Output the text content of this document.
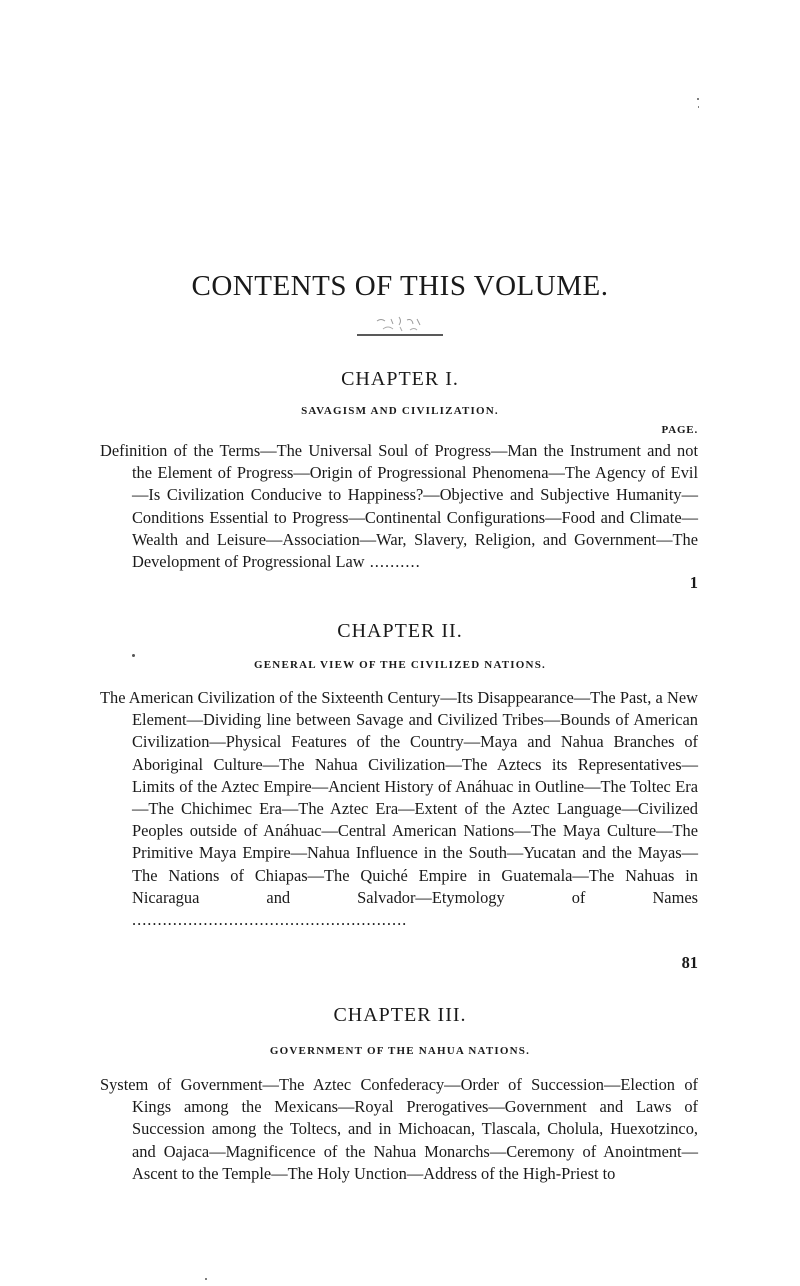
CONTENTS OF THIS VOLUME.
CHAPTER I.
SAVAGISM AND CIVILIZATION.
PAGE.

Definition of the Terms—The Universal Soul of Progress—Man the Instrument and not the Element of Progress—Origin of Progressional Phenomena—The Agency of Evil—Is Civilization Conducive to Happiness?—Objective and Subjective Humanity—Conditions Essential to Progress—Continental Configurations—Food and Climate—Wealth and Leisure—Association—War, Slavery, Religion, and Government—The Development of Progressional Law ..........

1
CHAPTER II.
GENERAL VIEW OF THE CIVILIZED NATIONS.

The American Civilization of the Sixteenth Century—Its Disappearance—The Past, a New Element—Dividing line between Savage and Civilized Tribes—Bounds of American Civilization—Physical Features of the Country—Maya and Nahua Branches of Aboriginal Culture—The Nahua Civilization—The Aztecs its Representatives—Limits of the Aztec Empire—Ancient History of Anáhuac in Outline—The Toltec Era—The Chichimec Era—The Aztec Era—Extent of the Aztec Language—Civilized Peoples outside of Anáhuac—Central American Nations—The Maya Culture—The Primitive Maya Empire—Nahua Influence in the South—Yucatan and the Mayas—The Nations of Chiapas—The Quiché Empire in Guatemala—The Nahuas in Nicaragua and Salvador—Etymology of Names ......................................................

81
CHAPTER III.
GOVERNMENT OF THE NAHUA NATIONS.

System of Government—The Aztec Confederacy—Order of Succession—Election of Kings among the Mexicans—Royal Prerogatives—Government and Laws of Succession among the Toltecs, and in Michoacan, Tlascala, Cholula, Huexotzinco, and Oajaca—Magnificence of the Nahua Monarchs—Ceremony of Anointment—Ascent to the Temple—The Holy Unction—Address of the High-Priest to
